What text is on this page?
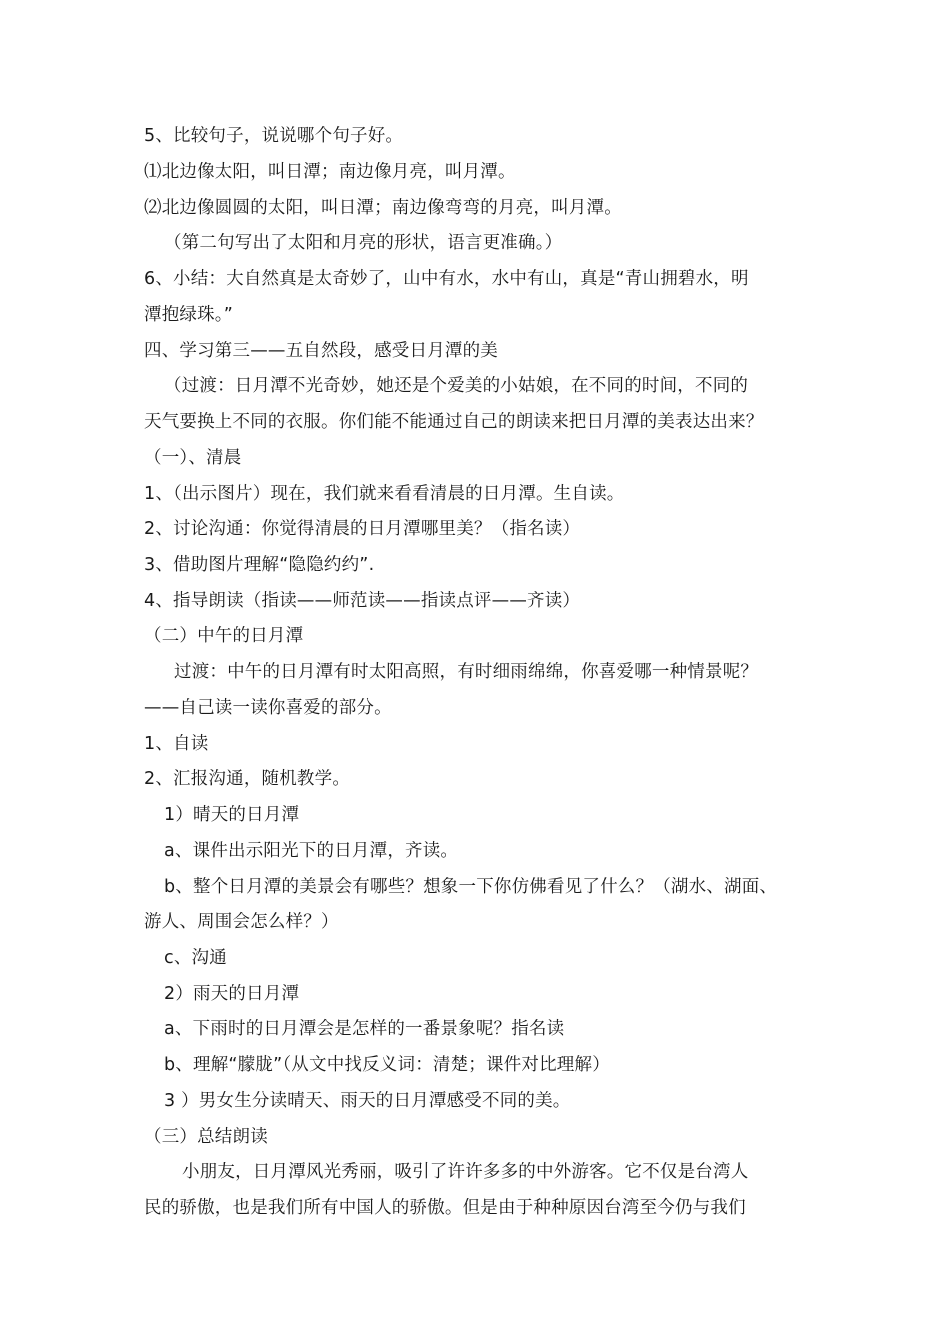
5、比较句子，说说哪个句子好。
⑴北边像太阳，叫日潭；南边像月亮，叫月潭。
⑵北边像圆圆的太阳，叫日潭；南边像弯弯的月亮，叫月潭。
（第二句写出了太阳和月亮的形状，语言更准确。）
6、小结：大自然真是太奇妙了，山中有水，水中有山，真是“青山拥碧水，明
潭抱绿珠。”
四、学习第三——五自然段，感受日月潭的美
（过渡：日月潭不光奇妙，她还是个爱美的小姑娘，在不同的时间，不同的
天气要换上不同的衣服。你们能不能通过自己的朗读来把日月潭的美表达出来？
（一）、清晨
1、（出示图片）现在，我们就来看看清晨的日月潭。生自读。
2、讨论沟通：你觉得清晨的日月潭哪里美？（指名读）
3、借助图片理解“隐隐约约”.
4、指导朗读（指读——师范读——指读点评——齐读）
（二）中午的日月潭
过渡：中午的日月潭有时太阳高照，有时细雨绵绵，你喜爱哪一种情景呢？
——自己读一读你喜爱的部分。
1、自读
2、汇报沟通，随机教学。
1）晴天的日月潭
a、课件出示阳光下的日月潭，齐读。
b、整个日月潭的美景会有哪些？想象一下你仿佛看见了什么？（湖水、湖面、
游人、周围会怎么样？）
c、沟通
2）雨天的日月潭
a、下雨时的日月潭会是怎样的一番景象呢？指名读
b、理解“朦胧”（从文中找反义词：清楚；课件对比理解）
3 ）男女生分读晴天、雨天的日月潭感受不同的美。
（三）总结朗读
小朋友，日月潭风光秀丽，吸引了许许多多的中外游客。它不仅是台湾人
民的骄傲，也是我们所有中国人的骄傲。但是由于种种原因台湾至今仍与我们
